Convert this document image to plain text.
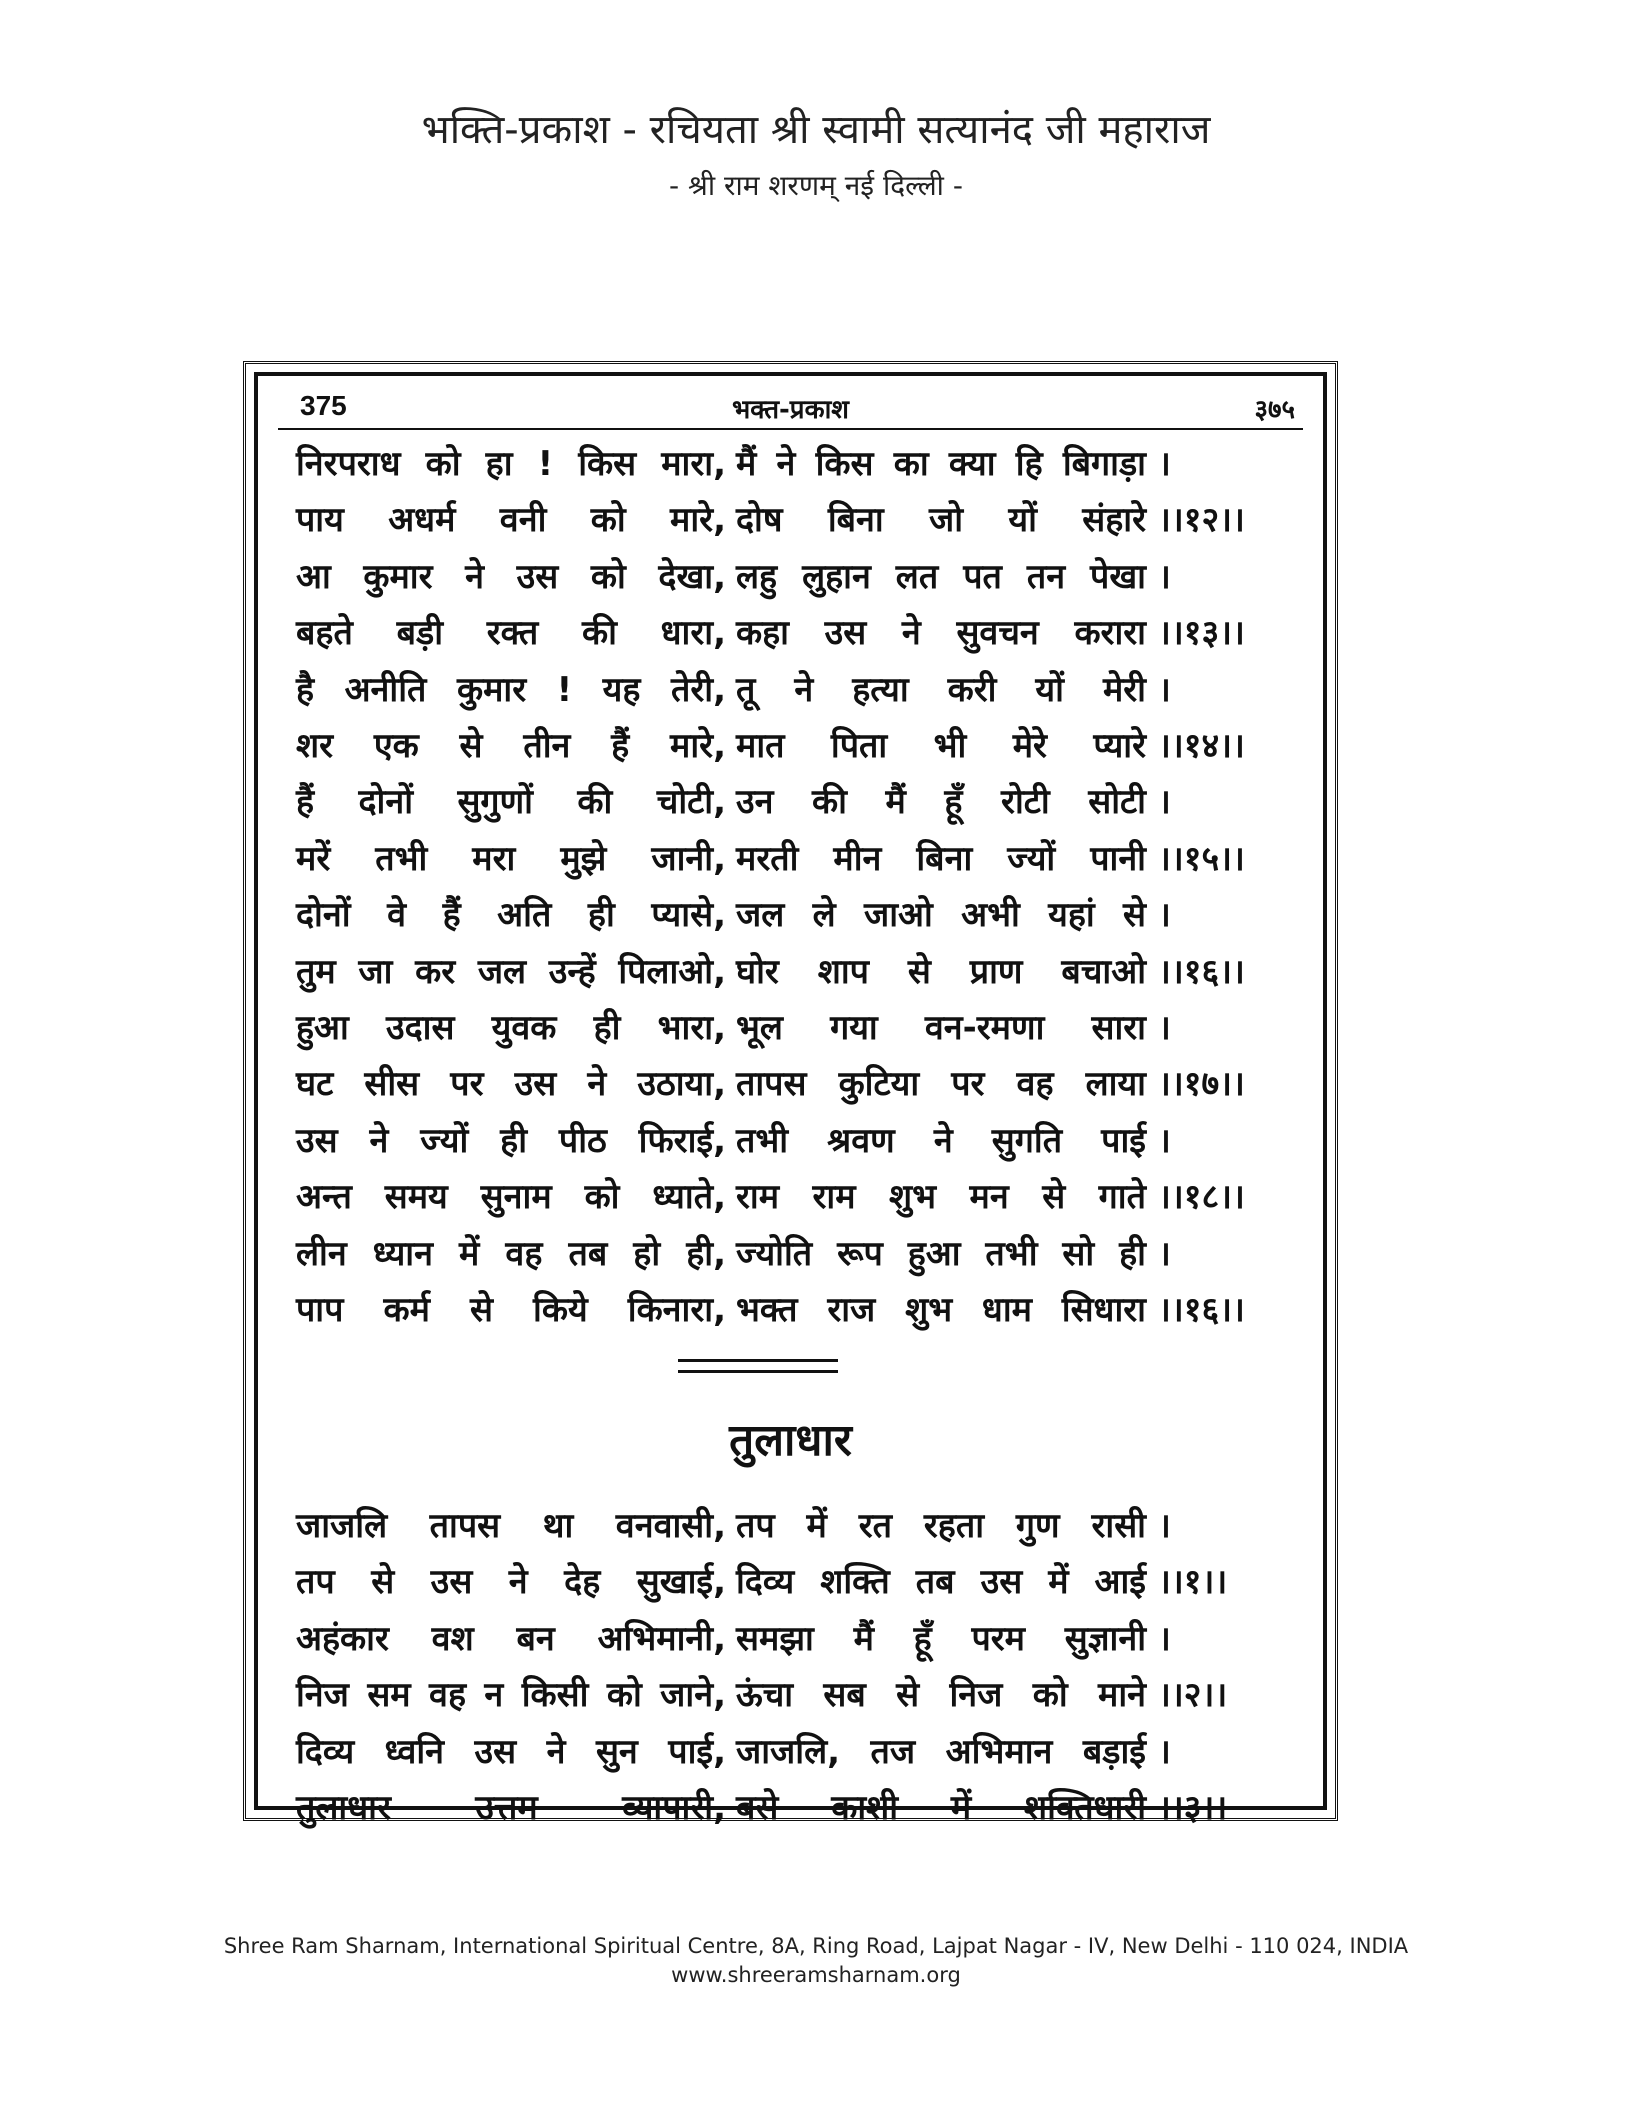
भक्ति-प्रकाश - रचियता श्री स्वामी सत्यानंद जी महाराज
- श्री राम शरणम् नई दिल्ली -
375	भक्त-प्रकाश	३७५
निरपराध को हा ! किस मारा, मैं ने किस का क्या हि बिगाड़ा ।
पाय अधर्म वनी को मारे, दोष बिना जो यों संहारे ।।१२।।
आ कुमार ने उस को देखा, लहु लुहान लत पत तन पेखा ।
बहते बड़ी रक्त की धारा, कहा उस ने सुवचन करारा ।।१३।।
है अनीति कुमार ! यह तेरी, तू ने हत्या करी यों मेरी ।
शर एक से तीन हैं मारे, मात पिता भी मेरे प्यारे ।।१४।।
हैं दोनों सुगुणों की चोटी, उन की मैं हूँ रोटी सोटी ।
मरें तभी मरा मुझे जानी, मरती मीन बिना ज्यों पानी ।।१५।।
दोनों वे हैं अति ही प्यासे, जल ले जाओ अभी यहां से ।
तुम जा कर जल उन्हें पिलाओ, घोर शाप से प्राण बचाओ ।।१६।।
हुआ उदास युवक ही भारा, भूल गया वन-रमणा सारा ।
घट सीस पर उस ने उठाया, तापस कुटिया पर वह लाया ।।१७।।
उस ने ज्यों ही पीठ फिराई, तभी श्रवण ने सुगति पाई ।
अन्त समय सुनाम को ध्याते, राम राम शुभ मन से गाते ।।१८।।
लीन ध्यान में वह तब हो ही, ज्योति रूप हुआ तभी सो ही ।
पाप कर्म से किये किनारा, भक्त राज शुभ धाम सिधारा ।।१६।।
तुलाधार
जाजलि तापस था वनवासी, तप में रत रहता गुण रासी ।
तप से उस ने देह सुखाई, दिव्य शक्ति तब उस में आई ।।१।।
अहंकार वश बन अभिमानी, समझा मैं हूँ परम सुज्ञानी ।
निज सम वह न किसी को जाने, ऊंचा सब से निज को माने ।।२।।
दिव्य ध्वनि उस ने सुन पाई, जाजलि, तज अभिमान बड़ाई ।
तुलाधार उत्तम व्यापारी, बसे काशी में शक्तिधारी ।।३।।
Shree Ram Sharnam, International Spiritual Centre, 8A, Ring Road, Lajpat Nagar - IV, New Delhi - 110 024, INDIA
www.shreeramsharnam.org
